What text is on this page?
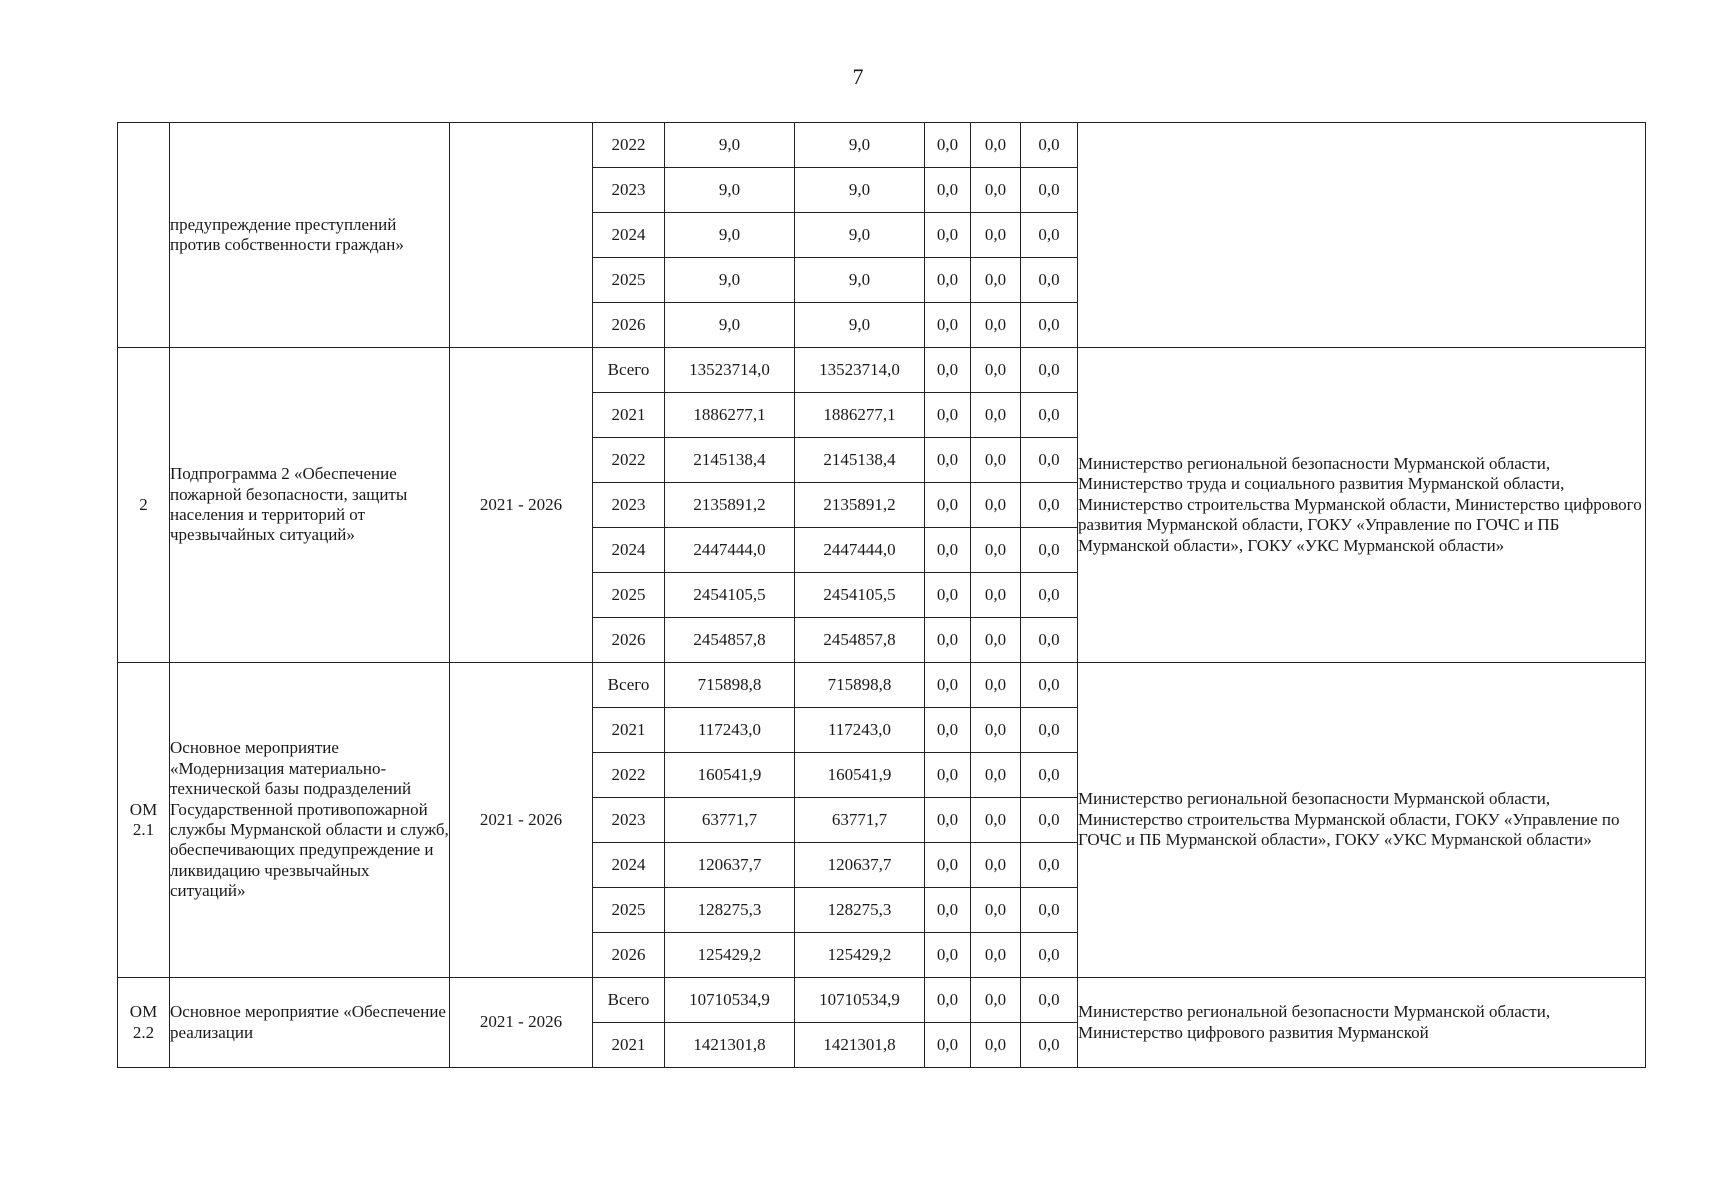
7
	предупреждение преступлений против собственности граждан»		2022	9,0	9,0	0,0	0,0	0,0	
			2023	9,0	9,0	0,0	0,0	0,0	
			2024	9,0	9,0	0,0	0,0	0,0	
			2025	9,0	9,0	0,0	0,0	0,0	
			2026	9,0	9,0	0,0	0,0	0,0	
2	Подпрограмма 2 «Обеспечение пожарной безопасности, защиты населения и территорий от чрезвычайных ситуаций»	2021 - 2026	Всего	13523714,0	13523714,0	0,0	0,0	0,0	Министерство региональной безопасности Мурманской области, Министерство труда и социального развития Мурманской области, Министерство строительства Мурманской области, Министерство цифрового развития Мурманской области, ГОКУ «Управление по ГОЧС и ПБ Мурманской области», ГОКУ «УКС Мурманской области»
			2021	1886277,1	1886277,1	0,0	0,0	0,0	
			2022	2145138,4	2145138,4	0,0	0,0	0,0	
			2023	2135891,2	2135891,2	0,0	0,0	0,0	
			2024	2447444,0	2447444,0	0,0	0,0	0,0	
			2025	2454105,5	2454105,5	0,0	0,0	0,0	
			2026	2454857,8	2454857,8	0,0	0,0	0,0	
ОМ 2.1	Основное мероприятие «Модернизация материально-технической базы подразделений Государственной противопожарной службы Мурманской области и служб, обеспечивающих предупреждение и ликвидацию чрезвычайных ситуаций»	2021 - 2026	Всего	715898,8	715898,8	0,0	0,0	0,0	Министерство региональной безопасности Мурманской области, Министерство строительства Мурманской области, ГОКУ «Управление по ГОЧС и ПБ Мурманской области», ГОКУ «УКС Мурманской области»
			2021	117243,0	117243,0	0,0	0,0	0,0	
			2022	160541,9	160541,9	0,0	0,0	0,0	
			2023	63771,7	63771,7	0,0	0,0	0,0	
			2024	120637,7	120637,7	0,0	0,0	0,0	
			2025	128275,3	128275,3	0,0	0,0	0,0	
			2026	125429,2	125429,2	0,0	0,0	0,0	
ОМ 2.2	Основное мероприятие «Обеспечение реализации	2021 - 2026	Всего	10710534,9	10710534,9	0,0	0,0	0,0	Министерство региональной безопасности Мурманской области, Министерство цифрового развития Мурманской
			2021	1421301,8	1421301,8	0,0	0,0	0,0	
